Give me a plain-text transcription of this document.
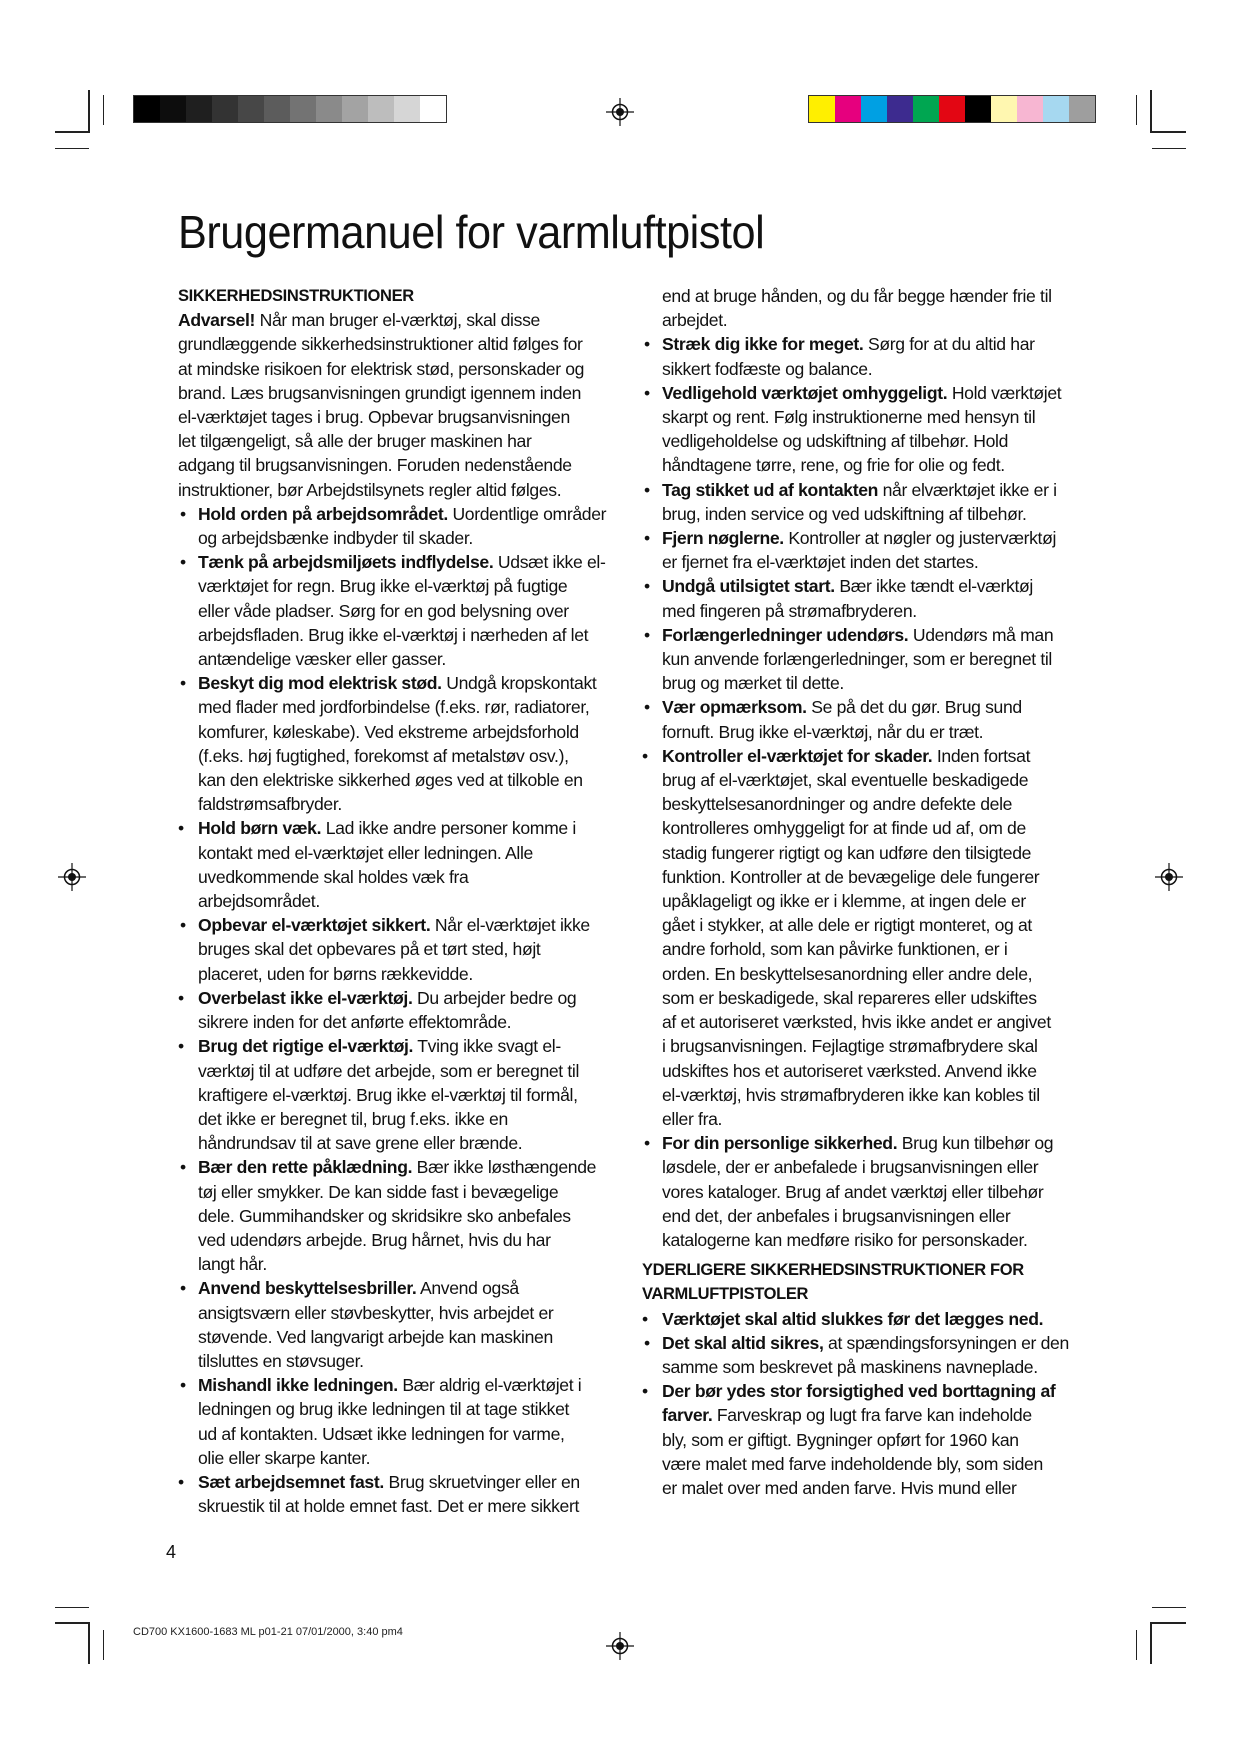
Brugermanuel for varmluftpistol

SIKKERHEDSINSTRUKTIONER

Advarsel! Når man bruger el-værktøj, skal disse
grundlæggende sikkerhedsinstruktioner altid følges for
at mindske risikoen for elektrisk stød, personskader og
brand. Læs brugsanvisningen grundigt igennem inden
el-værktøjet tages i brug. Opbevar brugsanvisningen
let tilgængeligt, så alle der bruger maskinen har
adgang til brugsanvisningen. Foruden nedenstående
instruktioner, bør Arbejdstilsynets regler altid følges.

• Hold orden på arbejdsområdet. Uordentlige områder
og arbejdsbænke indbyder til skader.

• Tænk på arbejdsmiljøets indflydelse. Udsæt ikke el-
værktøjet for regn. Brug ikke el-værktøj på fugtige
eller våde pladser. Sørg for en god belysning over
arbejdsfladen. Brug ikke el-værktøj i nærheden af let
antændelige væsker eller gasser.

• Beskyt dig mod elektrisk stød. Undgå kropskontakt
med flader med jordforbindelse (f.eks. rør, radiatorer,
komfurer, køleskabe). Ved ekstreme arbejdsforhold
(f.eks. høj fugtighed, forekomst af metalstøv osv.),
kan den elektriske sikkerhed øges ved at tilkoble en
faldstrømsafbryder.

• Hold børn væk. Lad ikke andre personer komme i
kontakt med el-værktøjet eller ledningen. Alle
uvedkommende skal holdes væk fra
arbejdsområdet.

• Opbevar el-værktøjet sikkert. Når el-værktøjet ikke
bruges skal det opbevares på et tørt sted, højt
placeret, uden for børns rækkevidde.

• Overbelast ikke el-værktøj. Du arbejder bedre og
sikrere inden for det anførte effektområde.

• Brug det rigtige el-værktøj. Tving ikke svagt el-
værktøj til at udføre det arbejde, som er beregnet til
kraftigere el-værktøj. Brug ikke el-værktøj til formål,
det ikke er beregnet til, brug f.eks. ikke en
håndrundsav til at save grene eller brænde.

• Bær den rette påklædning. Bær ikke løsthængende
tøj eller smykker. De kan sidde fast i bevægelige
dele. Gummihandsker og skridsikre sko anbefales
ved udendørs arbejde. Brug hårnet, hvis du har
langt hår.

• Anvend beskyttelsesbriller. Anvend også
ansigtsværn eller støvbeskytter, hvis arbejdet er
støvende. Ved langvarigt arbejde kan maskinen
tilsluttes en støvsuger.

• Mishandl ikke ledningen. Bær aldrig el-værktøjet i
ledningen og brug ikke ledningen til at tage stikket
ud af kontakten. Udsæt ikke ledningen for varme,
olie eller skarpe kanter.

• Sæt arbejdsemnet fast. Brug skruetvinger eller en
skruestik til at holde emnet fast. Det er mere sikkert

end at bruge hånden, og du får begge hænder frie til
arbejdet.

• Stræk dig ikke for meget. Sørg for at du altid har
sikkert fodfæste og balance.

• Vedligehold værktøjet omhyggeligt. Hold værktøjet
skarpt og rent. Følg instruktionerne med hensyn til
vedligeholdelse og udskiftning af tilbehør. Hold
håndtagene tørre, rene, og frie for olie og fedt.

• Tag stikket ud af kontakten når elværktøjet ikke er i
brug, inden service og ved udskiftning af tilbehør.

• Fjern nøglerne. Kontroller at nøgler og justerværktøj
er fjernet fra el-værktøjet inden det startes.

• Undgå utilsigtet start. Bær ikke tændt el-værktøj
med fingeren på strømafbryderen.

• Forlængerledninger udendørs. Udendørs må man
kun anvende forlængerledninger, som er beregnet til
brug og mærket til dette.

• Vær opmærksom. Se på det du gør. Brug sund
fornuft. Brug ikke el-værktøj, når du er træt.

• Kontroller el-værktøjet for skader. Inden fortsat
brug af el-værktøjet, skal eventuelle beskadigede
beskyttelsesanordninger og andre defekte dele
kontrolleres omhyggeligt for at finde ud af, om de
stadig fungerer rigtigt og kan udføre den tilsigtede
funktion. Kontroller at de bevægelige dele fungerer
upåklageligt og ikke er i klemme, at ingen dele er
gået i stykker, at alle dele er rigtigt monteret, og at
andre forhold, som kan påvirke funktionen, er i
orden. En beskyttelsesanordning eller andre dele,
som er beskadigede, skal repareres eller udskiftes
af et autoriseret værksted, hvis ikke andet er angivet
i brugsanvisningen. Fejlagtige strømafbrydere skal
udskiftes hos et autoriseret værksted. Anvend ikke
el-værktøj, hvis strømafbryderen ikke kan kobles til
eller fra.

• For din personlige sikkerhed. Brug kun tilbehør og
løsdele, der er anbefalede i brugsanvisningen eller
vores kataloger. Brug af andet værktøj eller tilbehør
end det, der anbefales i brugsanvisningen eller
katalogerne kan medføre risiko for personskader.

YDERLIGERE SIKKERHEDSINSTRUKTIONER FOR
VARMLUFTPISTOLER

• Værktøjet skal altid slukkes før det lægges ned.

• Det skal altid sikres, at spændingsforsyningen er den
samme som beskrevet på maskinens navneplade.

• Der bør ydes stor forsigtighed ved borttagning af
farver. Farveskrap og lugt fra farve kan indeholde
bly, som er giftigt. Bygninger opført for 1960 kan
være malet med farve indeholdende bly, som siden
er malet over med anden farve. Hvis mund eller

4
CD700 KX1600-1683 ML p01-21 07/01/2000, 3:40 pm4
